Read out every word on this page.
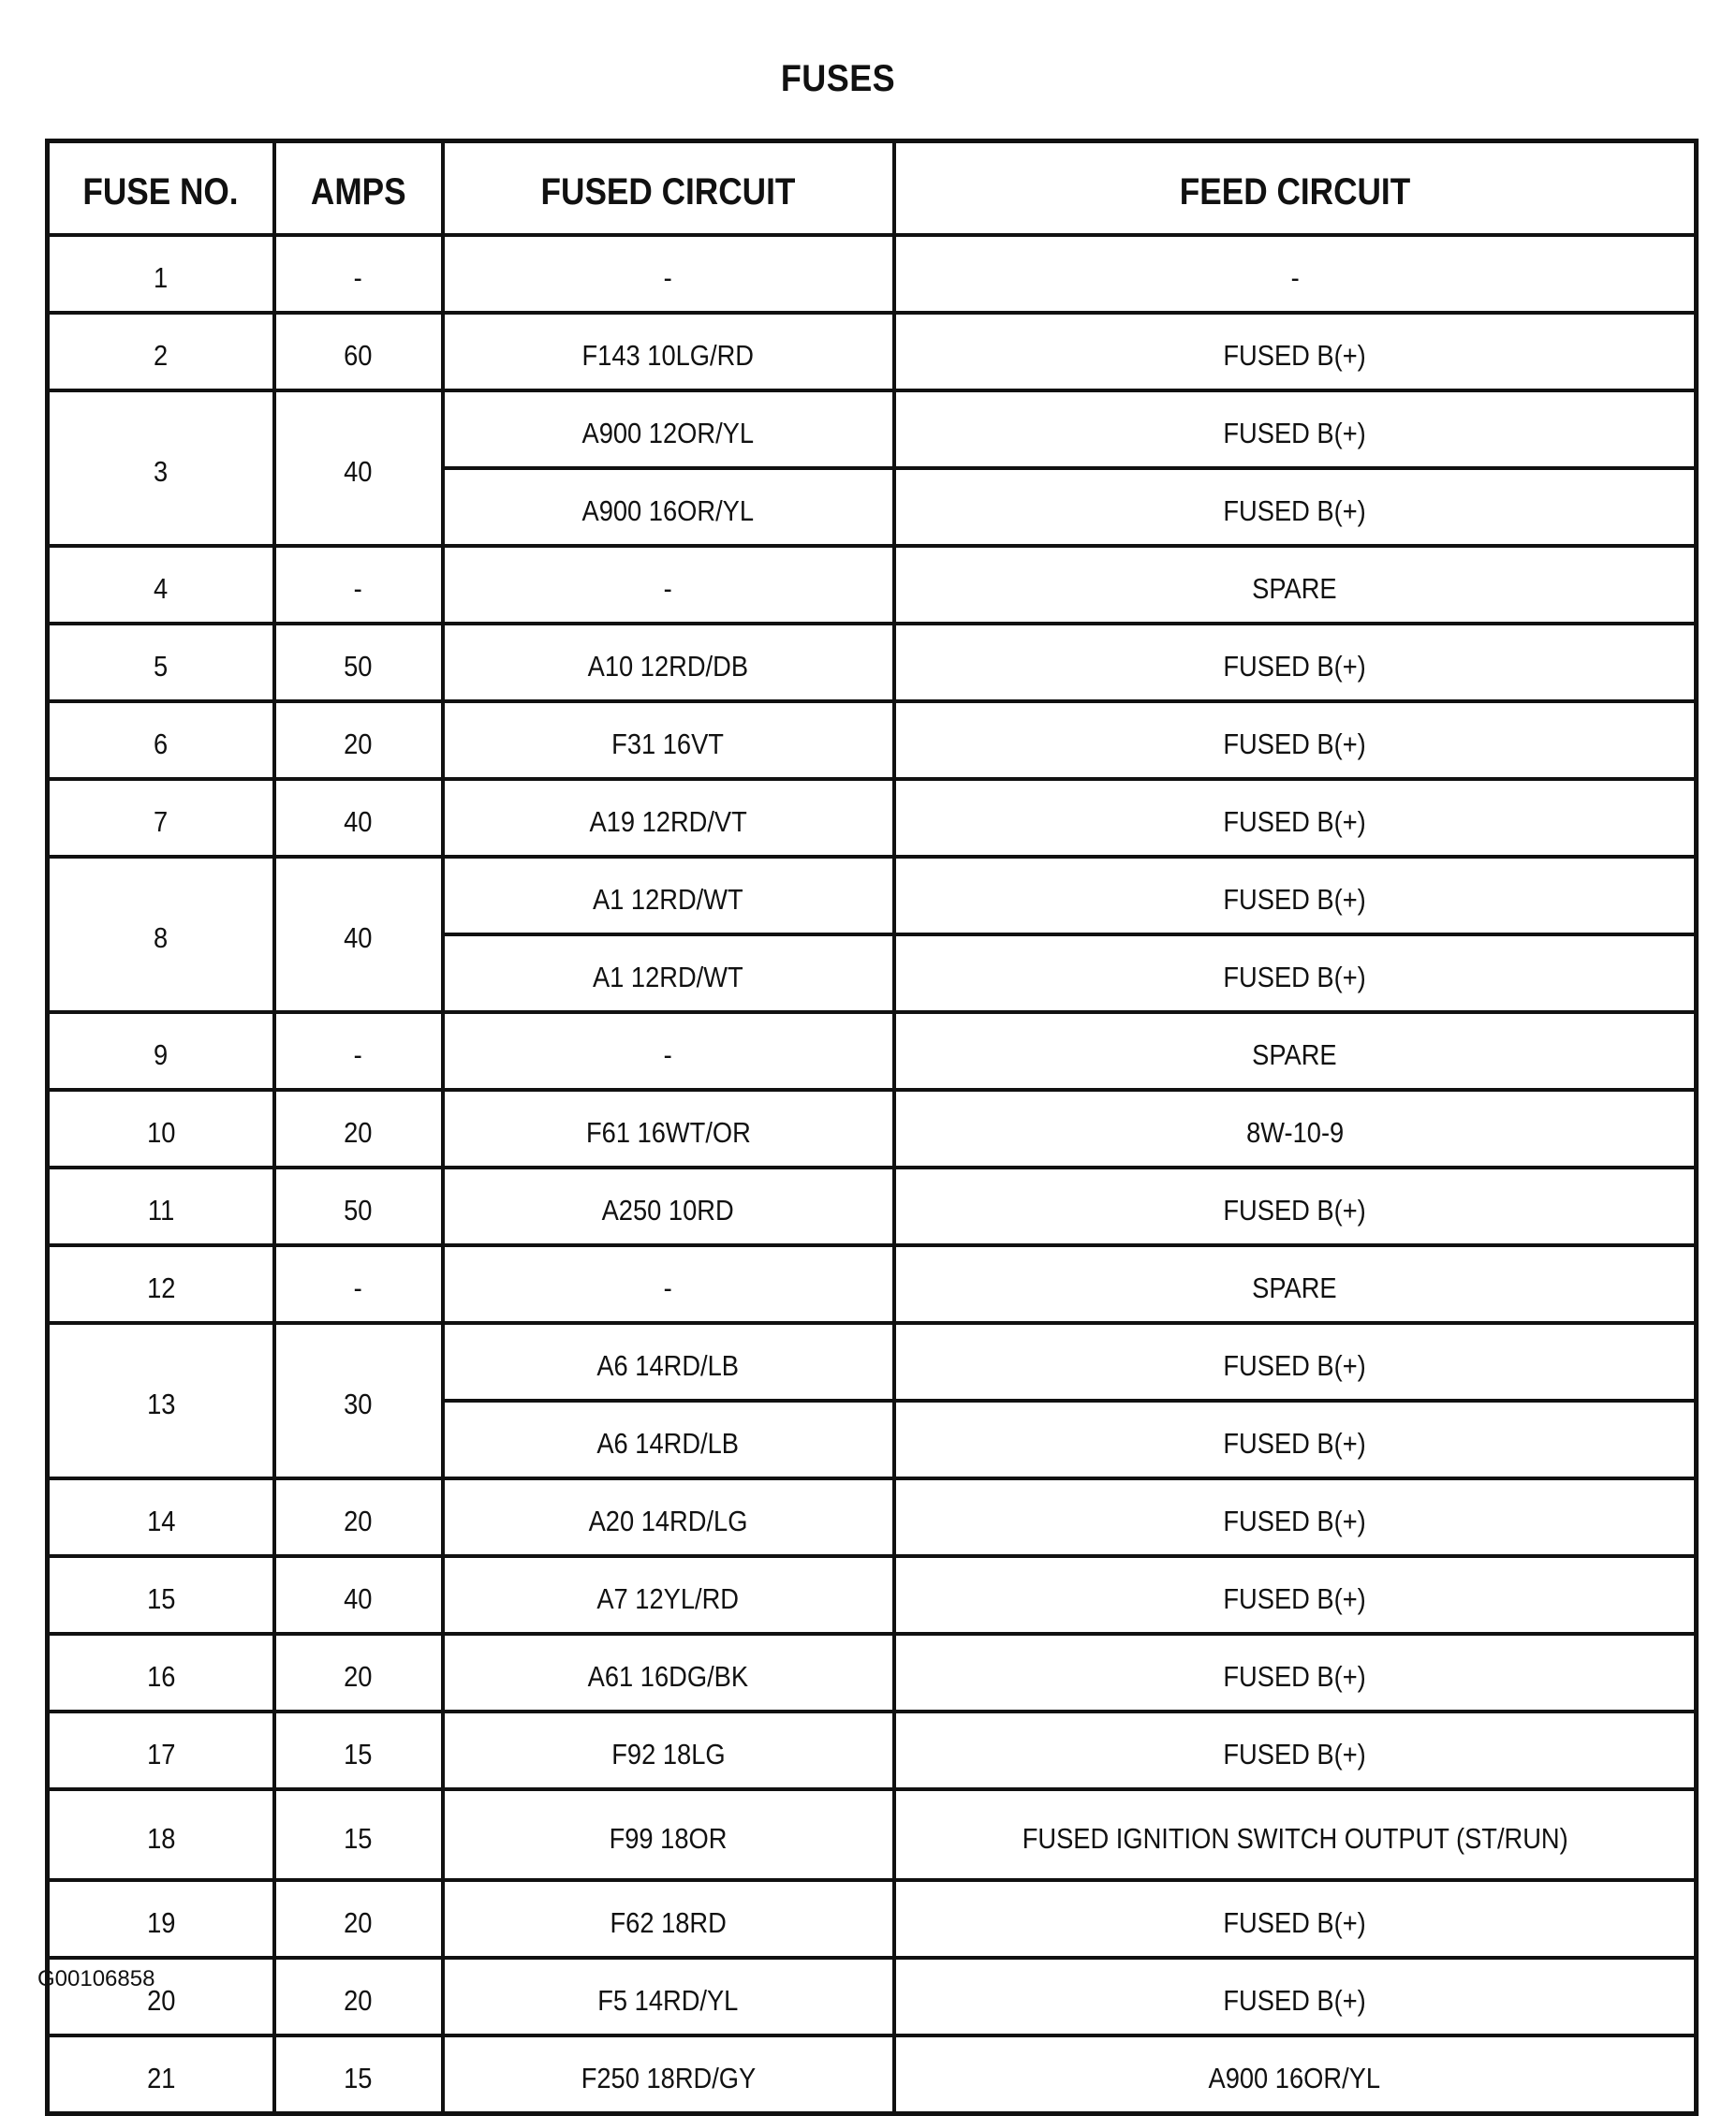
FUSES
FUSE NO.	AMPS	FUSED CIRCUIT	FEED CIRCUIT
1	-	-	-
2	60	F143 10LG/RD	FUSED B(+)
3	40	A900 12OR/YL	FUSED B(+)
		A900 16OR/YL	FUSED B(+)
4	-	-	SPARE
5	50	A10 12RD/DB	FUSED B(+)
6	20	F31 16VT	FUSED B(+)
7	40	A19 12RD/VT	FUSED B(+)
8	40	A1 12RD/WT	FUSED B(+)
		A1 12RD/WT	FUSED B(+)
9	-	-	SPARE
10	20	F61 16WT/OR	8W-10-9
11	50	A250 10RD	FUSED B(+)
12	-	-	SPARE
13	30	A6 14RD/LB	FUSED B(+)
		A6 14RD/LB	FUSED B(+)
14	20	A20 14RD/LG	FUSED B(+)
15	40	A7 12YL/RD	FUSED B(+)
16	20	A61 16DG/BK	FUSED B(+)
17	15	F92 18LG	FUSED B(+)
18	15	F99 18OR	FUSED IGNITION SWITCH OUTPUT (ST/RUN)
19	20	F62 18RD	FUSED B(+)
20	20	F5 14RD/YL	FUSED B(+)
21	15	F250 18RD/GY	A900 16OR/YL
G00106858
